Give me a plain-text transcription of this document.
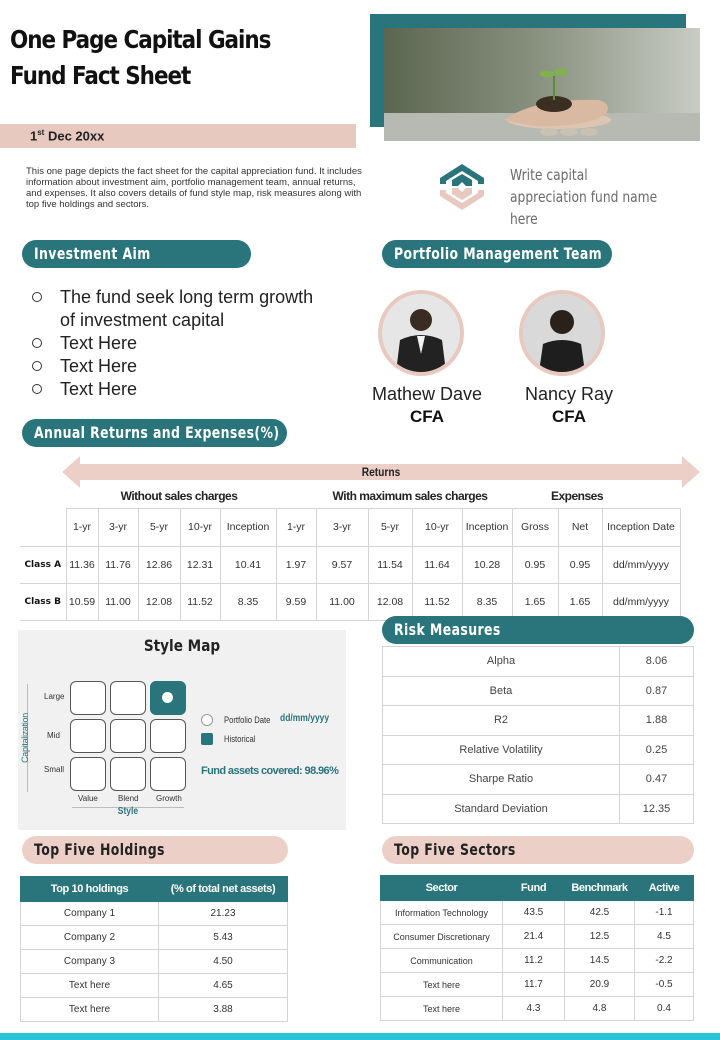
One Page Capital Gains Fund Fact Sheet
1st Dec 20xx
This one page depicts the fact sheet for the capital appreciation fund. It includes information about investment aim, portfolio management team, annual returns, and expenses. It also covers details of fund style map, risk measures along with top five holdings and sectors.
Write capital appreciation fund name here
Investment Aim
The fund seek long term growth of investment capital
Text Here
Text Here
Text Here
Portfolio Management Team
Mathew Dave
CFA
Nancy Ray
CFA
Annual Returns and Expenses(%)
Returns
Without sales charges	With maximum sales charges	Expenses
	1-yr	3-yr	5-yr	10-yr	Inception	1-yr	3-yr	5-yr	10-yr	Inception	Gross	Net	Inception Date
Class A	11.36	11.76	12.86	12.31	10.41	1.97	9.57	11.54	11.64	10.28	0.95	0.95	dd/mm/yyyy
Class B	10.59	11.00	12.08	11.52	8.35	9.59	11.00	12.08	11.52	8.35	1.65	1.65	dd/mm/yyyy
Style Map
Capitalization
Large
Mid
Small
Value	Blend Growth
Style
Portfolio Date dd/mm/yyyy
Historical
Fund assets covered: 98.96%
Risk Measures
Alpha	8.06
Beta	0.87
R2	1.88
Relative Volatility	0.25
Sharpe Ratio	0.47
Standard Deviation	12.35
Top Five Holdings
Top 10 holdings	(% of total net assets)
Company 1	21.23
Company 2	5.43
Company 3	4.50
Text here	4.65
Text here	3.88
Top Five Sectors
Sector	Fund	Benchmark	Active
Information Technology	43.5	42.5	-1.1
Consumer Discretionary	21.4	12.5	4.5
Communication	11.2	14.5	-2.2
Text here	11.7	20.9	-0.5
Text here	4.3	4.8	0.4
